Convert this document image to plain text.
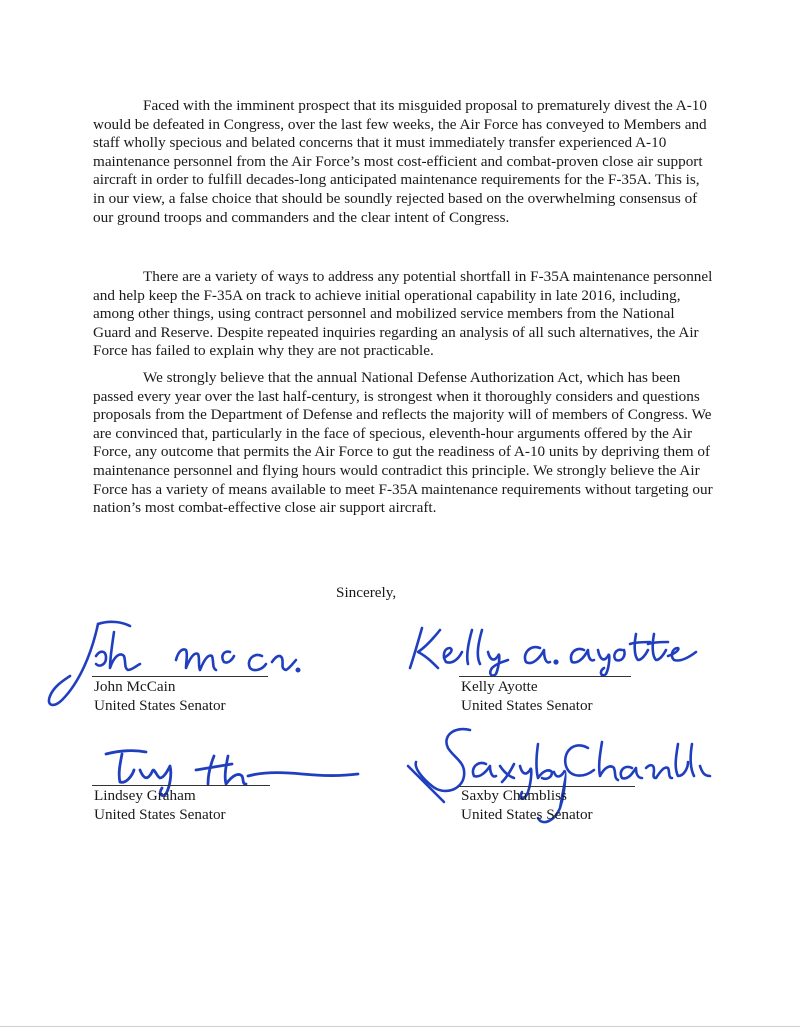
Faced with the imminent prospect that its misguided proposal to prematurely divest the A-10 would be defeated in Congress, over the last few weeks, the Air Force has conveyed to Members and staff wholly specious and belated concerns that it must immediately transfer experienced A-10 maintenance personnel from the Air Force’s most cost-efficient and combat-proven close air support aircraft in order to fulfill decades-long anticipated maintenance requirements for the F-35A. This is, in our view, a false choice that should be soundly rejected based on the overwhelming consensus of our ground troops and commanders and the clear intent of Congress.

There are a variety of ways to address any potential shortfall in F-35A maintenance personnel and help keep the F-35A on track to achieve initial operational capability in late 2016, including, among other things, using contract personnel and mobilized service members from the National Guard and Reserve. Despite repeated inquiries regarding an analysis of all such alternatives, the Air Force has failed to explain why they are not practicable.

We strongly believe that the annual National Defense Authorization Act, which has been passed every year over the last half-century, is strongest when it thoroughly considers and questions proposals from the Department of Defense and reflects the majority will of members of Congress. We are convinced that, particularly in the face of specious, eleventh-hour arguments offered by the Air Force, any outcome that permits the Air Force to gut the readiness of A-10 units by depriving them of maintenance personnel and flying hours would contradict this principle. We strongly believe the Air Force has a variety of means available to meet F-35A maintenance requirements without targeting our nation’s most combat-effective close air support aircraft.

Sincerely,
John McCain
United States Senator
Kelly Ayotte
United States Senator
Lindsey Graham
United States Senator
Saxby Chambliss
United States Senator
